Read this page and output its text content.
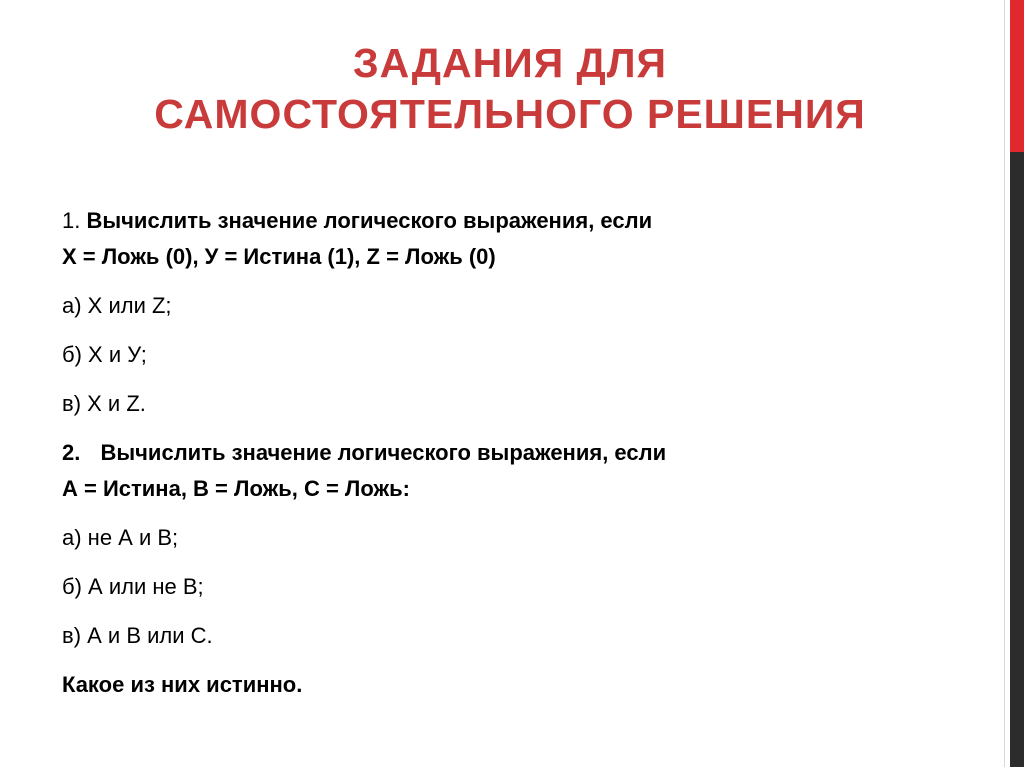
ЗАДАНИЯ ДЛЯ
САМОСТОЯТЕЛЬНОГО РЕШЕНИЯ

1. Вычислить значение логического выражения, если

Х = Ложь (0), У = Истина (1), Z = Ложь (0)

а) Х или Z;

б) Х и У;

в) Х и Z.

2. Вычислить значение логического выражения, если

А = Истина, В = Ложь, С = Ложь:

а) не А и В;

б) А или не В;

в) А и В или С.

Какое из них истинно.
